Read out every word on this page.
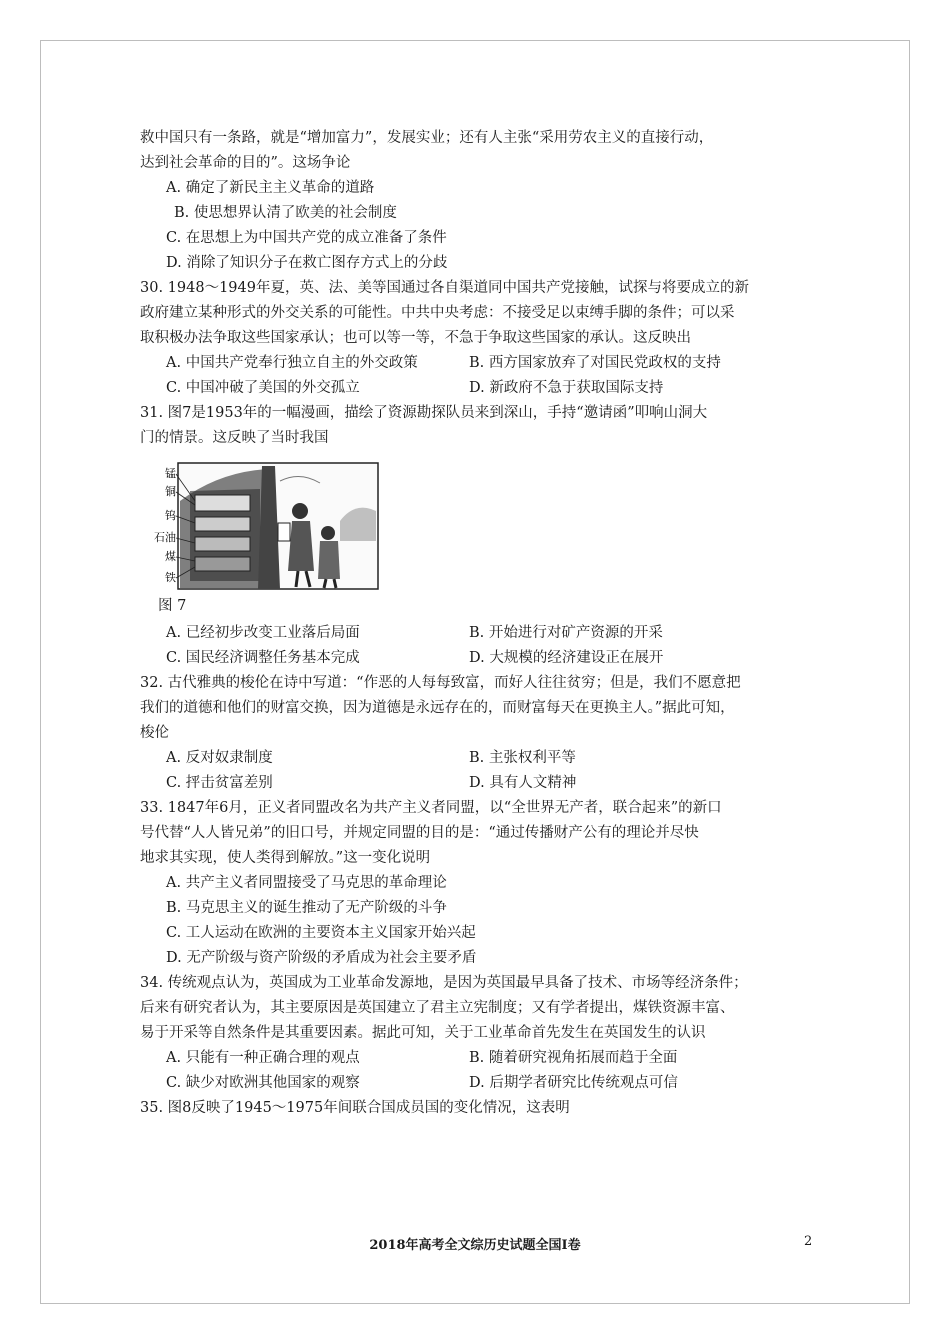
救中国只有一条路，就是“增加富力”，发展实业；还有人主张“采用劳农主义的直接行动，
达到社会革命的目的”。这场争论
A. 确定了新民主主义革命的道路
B. 使思想界认清了欧美的社会制度
C. 在思想上为中国共产党的成立准备了条件
D. 消除了知识分子在救亡图存方式上的分歧
30. 1948～1949年夏，英、法、美等国通过各自渠道同中国共产党接触，试探与将要成立的新
政府建立某种形式的外交关系的可能性。中共中央考虑：不接受足以束缚手脚的条件；可以采
取积极办法争取这些国家承认；也可以等一等，不急于争取这些国家的承认。这反映出
A. 中国共产党奉行独立自主的外交政策	B. 西方国家放弃了对国民党政权的支持
C. 中国冲破了美国的外交孤立	D. 新政府不急于获取国际支持
31. 图7是1953年的一幅漫画，描绘了资源勘探队员来到深山，手持“邀请函”叩响山洞大
门的情景。这反映了当时我国
锰
铜
钨
石油
煤
铁
图 7
A. 已经初步改变工业落后局面	B. 开始进行对矿产资源的开采
C. 国民经济调整任务基本完成	D. 大规模的经济建设正在展开
32. 古代雅典的梭伦在诗中写道：“作恶的人每每致富，而好人往往贫穷；但是，我们不愿意把
我们的道德和他们的财富交换，因为道德是永远存在的，而财富每天在更换主人。”据此可知，
梭伦
A. 反对奴隶制度	B. 主张权利平等
C. 抨击贫富差别	D. 具有人文精神
33. 1847年6月，正义者同盟改名为共产主义者同盟，以“全世界无产者，联合起来”的新口
号代替“人人皆兄弟”的旧口号，并规定同盟的目的是：“通过传播财产公有的理论并尽快
地求其实现，使人类得到解放。”这一变化说明
A. 共产主义者同盟接受了马克思的革命理论
B. 马克思主义的诞生推动了无产阶级的斗争
C. 工人运动在欧洲的主要资本主义国家开始兴起
D. 无产阶级与资产阶级的矛盾成为社会主要矛盾
34. 传统观点认为，英国成为工业革命发源地，是因为英国最早具备了技术、市场等经济条件；
后来有研究者认为，其主要原因是英国建立了君主立宪制度；又有学者提出，煤铁资源丰富、
易于开采等自然条件是其重要因素。据此可知，关于工业革命首先发生在英国发生的认识
A. 只能有一种正确合理的观点	B. 随着研究视角拓展而趋于全面
C. 缺少对欧洲其他国家的观察	D. 后期学者研究比传统观点可信
35. 图8反映了1945～1975年间联合国成员国的变化情况，这表明
2018年高考全文综历史试题全国Ⅰ卷	2
